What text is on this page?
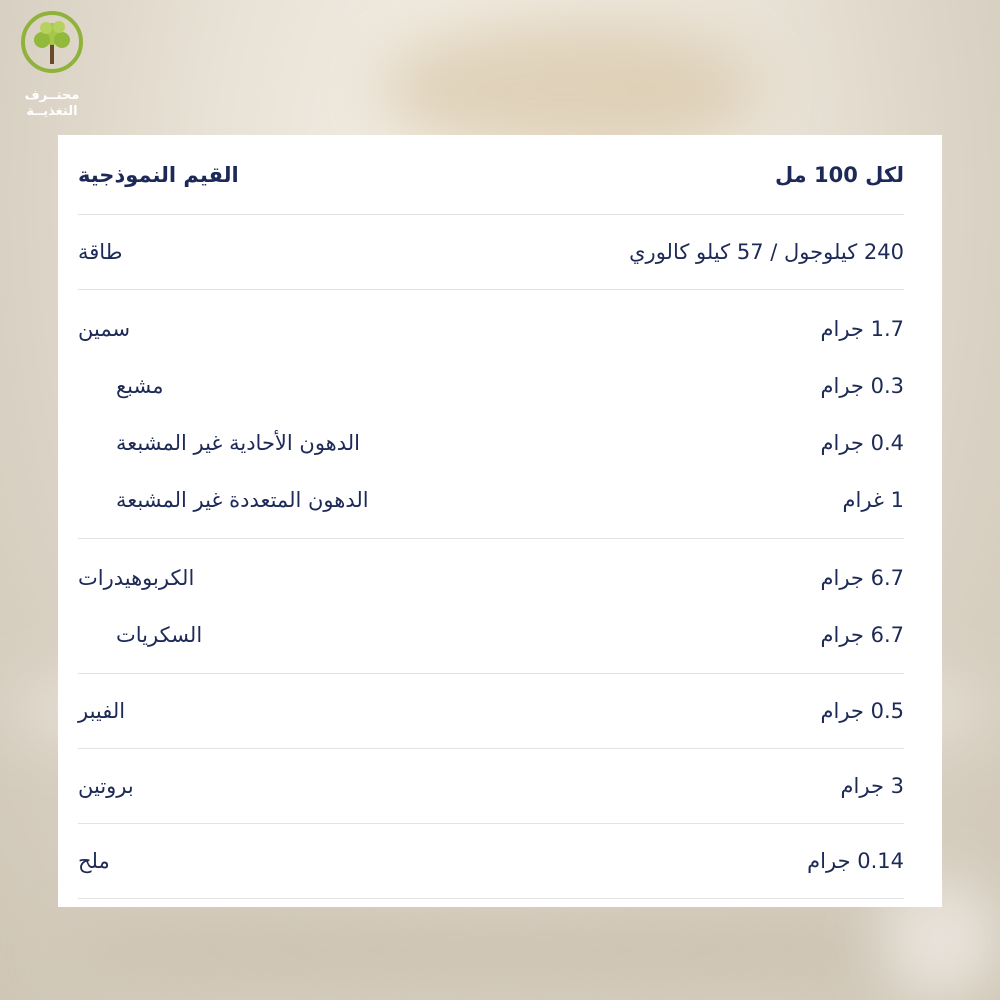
محتــرف
التغذيــة
لكل 100 مل
القيم النموذجية
240 كيلوجول / 57 كيلو كالوري
طاقة
1.7 جرام
سمين
0.3 جرام
مشبع
0.4 جرام
الدهون الأحادية غير المشبعة
1 غرام
الدهون المتعددة غير المشبعة
6.7 جرام
الكربوهيدرات
6.7 جرام
السكريات
0.5 جرام
الفيبر
3 جرام
بروتين
0.14 جرام
ملح
